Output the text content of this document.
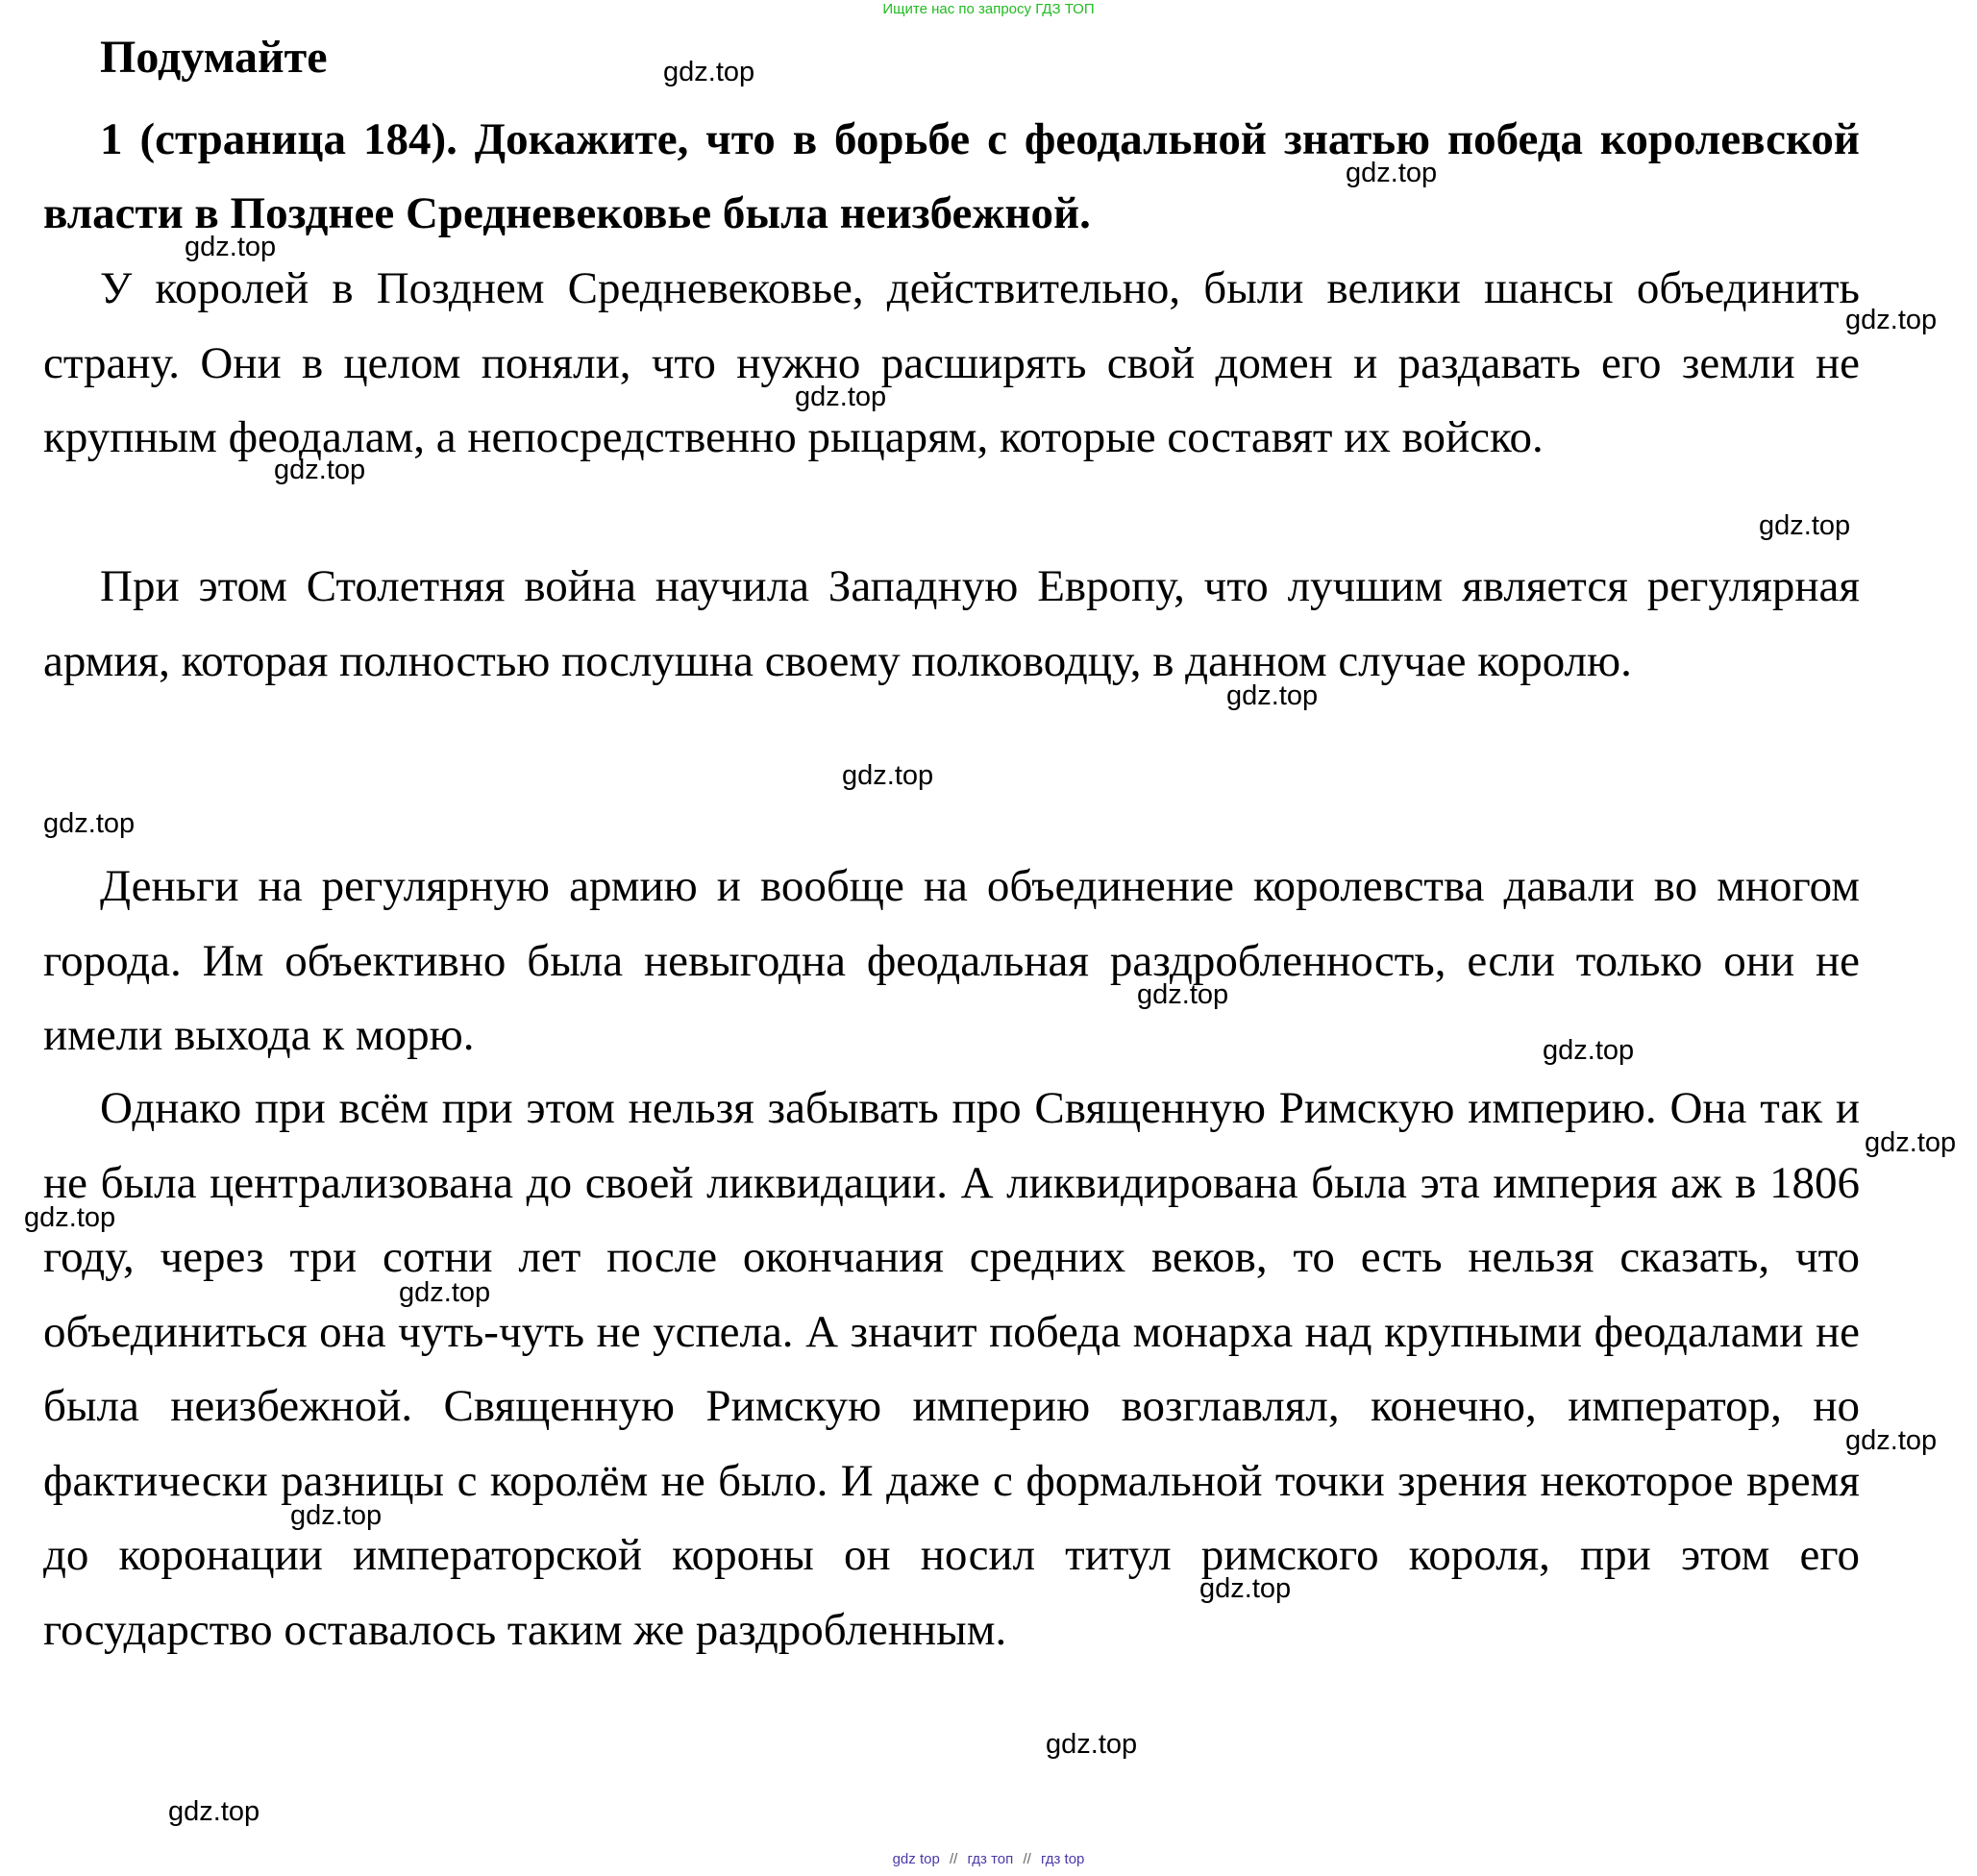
Ищите нас по запросу ГДЗ ТОП
Подумайте

1 (страница 184). Докажите, что в борьбе с феодальной знатью победа королевской власти в Позднее Средневековье была неизбежной.

У королей в Позднем Средневековье, действительно, были велики шансы объединить страну. Они в целом поняли, что нужно расширять свой домен и раздавать его земли не крупным феодалам, а непосредственно рыцарям, которые составят их войско.

При этом Столетняя война научила Западную Европу, что лучшим является регулярная армия, которая полностью послушна своему полководцу, в данном случае королю.

Деньги на регулярную армию и вообще на объединение королевства давали во многом города. Им объективно была невыгодна феодальная раздробленность, если только они не имели выхода к морю.

Однако при всём при этом нельзя забывать про Священную Римскую империю. Она так и не была централизована до своей ликвидации. А ликвидирована была эта империя аж в 1806 году, через три сотни лет после окончания средних веков, то есть нельзя сказать, что объединиться она чуть-чуть не успела. А значит победа монарха над крупными феодалами не была неизбежной. Священную Римскую империю возглавлял, конечно, император, но фактически разницы с королём не было. И даже с формальной точки зрения некоторое время до коронации императорской короны он носил титул римского короля, при этом его государство оставалось таким же раздробленным.

gdz.top
gdz.top
gdz.top
gdz.top
gdz.top
gdz.top
gdz.top
gdz.top
gdz.top
gdz.top
gdz.top
gdz.top
gdz.top
gdz.top
gdz.top
gdz.top
gdz.top
gdz.top
gdz.top
gdz.top
gdz top // гдз топ // гдз top
